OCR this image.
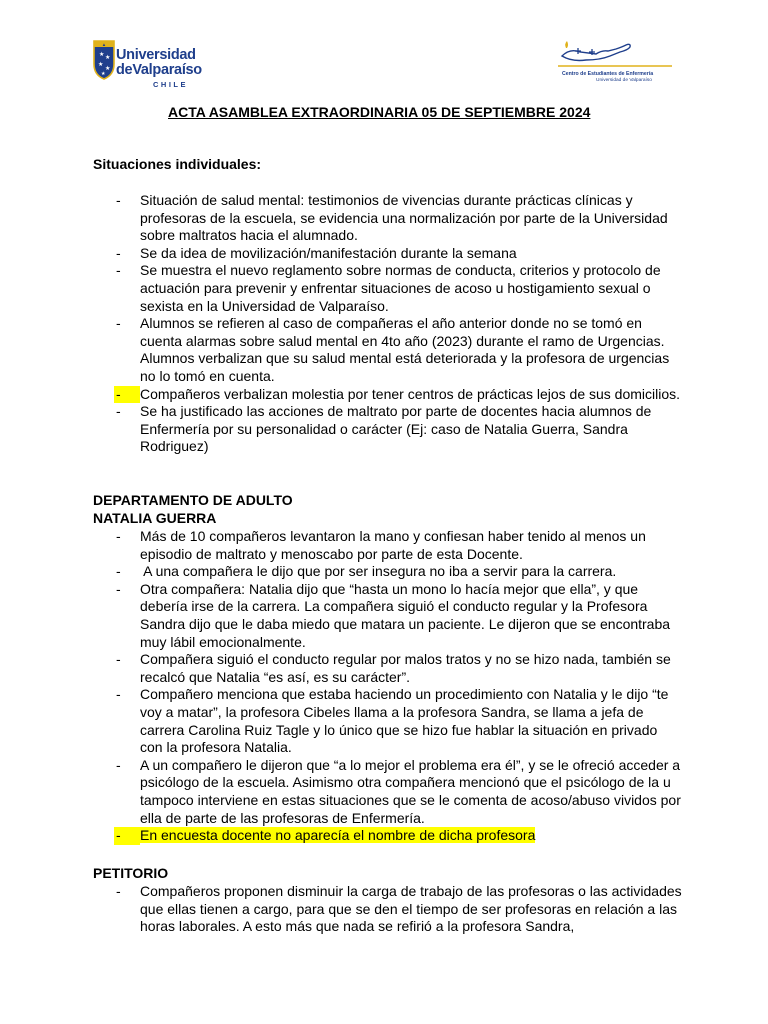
▲
★ ★
★
★
★
Universidad
deValparaíso
CHILE
Centro de Estudiantes de Enfermería
Universidad de Valparaíso
ACTA ASAMBLEA EXTRAORDINARIA 05 DE SEPTIEMBRE 2024
Situaciones individuales:
-	Situación de salud mental: testimonios de vivencias durante prácticas clínicas y profesoras de la escuela, se evidencia una normalización por parte de la Universidad sobre maltratos hacia el alumnado.
-	Se da idea de movilización/manifestación durante la semana
-	Se muestra el nuevo reglamento sobre normas de conducta, criterios y protocolo de actuación para prevenir y enfrentar situaciones de acoso u hostigamiento sexual o sexista en la Universidad de Valparaíso.
-	Alumnos se refieren al caso de compañeras el año anterior donde no se tomó en cuenta alarmas sobre salud mental en 4to año (2023) durante el ramo de Urgencias. Alumnos verbalizan que su salud mental está deteriorada y la profesora de urgencias no lo tomó en cuenta.
-	Compañeros verbalizan molestia por tener centros de prácticas lejos de sus domicilios.
-	Se ha justificado las acciones de maltrato por parte de docentes hacia alumnos de Enfermería por su personalidad o carácter (Ej: caso de Natalia Guerra, Sandra Rodriguez)
DEPARTAMENTO DE ADULTO
NATALIA GUERRA
-	Más de 10 compañeros levantaron la mano y confiesan haber tenido al menos un episodio de maltrato y menoscabo por parte de esta Docente.
-	A una compañera le dijo que por ser insegura no iba a servir para la carrera.
-	Otra compañera: Natalia dijo que “hasta un mono lo hacía mejor que ella”, y que debería irse de la carrera. La compañera siguió el conducto regular y la Profesora Sandra dijo que le daba miedo que matara un paciente. Le dijeron que se encontraba muy lábil emocionalmente.
-	Compañera siguió el conducto regular por malos tratos y no se hizo nada, también se recalcó que Natalia “es así, es su carácter”.
-	Compañero menciona que estaba haciendo un procedimiento con Natalia y le dijo “te voy a matar”, la profesora Cibeles llama a la profesora Sandra, se llama a jefa de carrera Carolina Ruiz Tagle y lo único que se hizo fue hablar la situación en privado con la profesora Natalia.
-	A un compañero le dijeron que “a lo mejor el problema era él”, y se le ofreció acceder a psicólogo de la escuela. Asimismo otra compañera mencionó que el psicólogo de la u tampoco interviene en estas situaciones que se le comenta de acoso/abuso vividos por ella de parte de las profesoras de Enfermería.
-	En encuesta docente no aparecía el nombre de dicha profesora
PETITORIO
-	Compañeros proponen disminuir la carga de trabajo de las profesoras o las actividades que ellas tienen a cargo, para que se den el tiempo de ser profesoras en relación a las horas laborales. A esto más que nada se refirió a la profesora Sandra,
